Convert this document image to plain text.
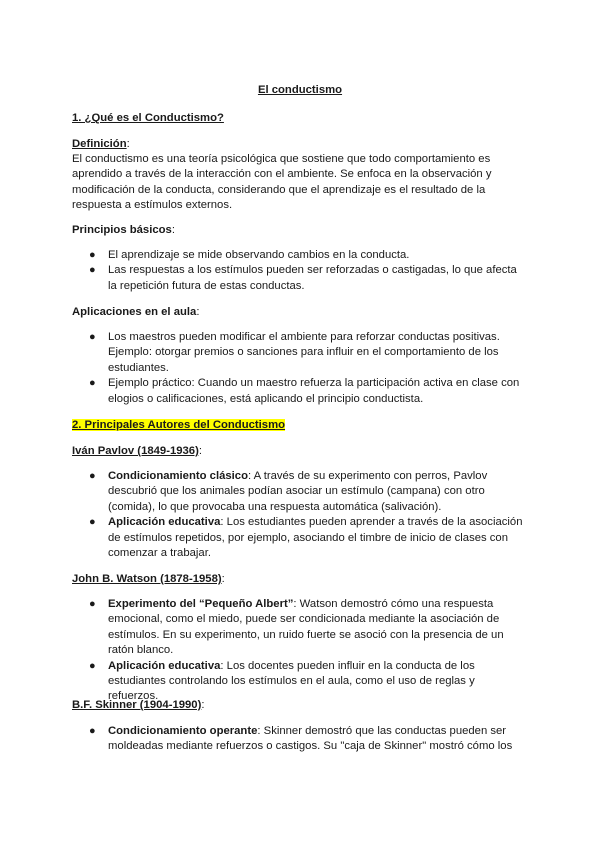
El conductismo
1. ¿Qué es el Conductismo?
Definición:
El conductismo es una teoría psicológica que sostiene que todo comportamiento es aprendido a través de la interacción con el ambiente. Se enfoca en la observación y modificación de la conducta, considerando que el aprendizaje es el resultado de la respuesta a estímulos externos.
Principios básicos:
● El aprendizaje se mide observando cambios en la conducta.
● Las respuestas a los estímulos pueden ser reforzadas o castigadas, lo que afecta la repetición futura de estas conductas.
Aplicaciones en el aula:
● Los maestros pueden modificar el ambiente para reforzar conductas positivas. Ejemplo: otorgar premios o sanciones para influir en el comportamiento de los estudiantes.
● Ejemplo práctico: Cuando un maestro refuerza la participación activa en clase con elogios o calificaciones, está aplicando el principio conductista.
2. Principales Autores del Conductismo
Iván Pavlov (1849-1936):
● Condicionamiento clásico: A través de su experimento con perros, Pavlov descubrió que los animales podían asociar un estímulo (campana) con otro (comida), lo que provocaba una respuesta automática (salivación).
● Aplicación educativa: Los estudiantes pueden aprender a través de la asociación de estímulos repetidos, por ejemplo, asociando el timbre de inicio de clases con comenzar a trabajar.
John B. Watson (1878-1958):
● Experimento del “Pequeño Albert”: Watson demostró cómo una respuesta emocional, como el miedo, puede ser condicionada mediante la asociación de estímulos. En su experimento, un ruido fuerte se asoció con la presencia de un ratón blanco.
● Aplicación educativa: Los docentes pueden influir en la conducta de los estudiantes controlando los estímulos en el aula, como el uso de reglas y refuerzos.
B.F. Skinner (1904-1990):
● Condicionamiento operante: Skinner demostró que las conductas pueden ser moldeadas mediante refuerzos o castigos. Su "caja de Skinner" mostró cómo los
